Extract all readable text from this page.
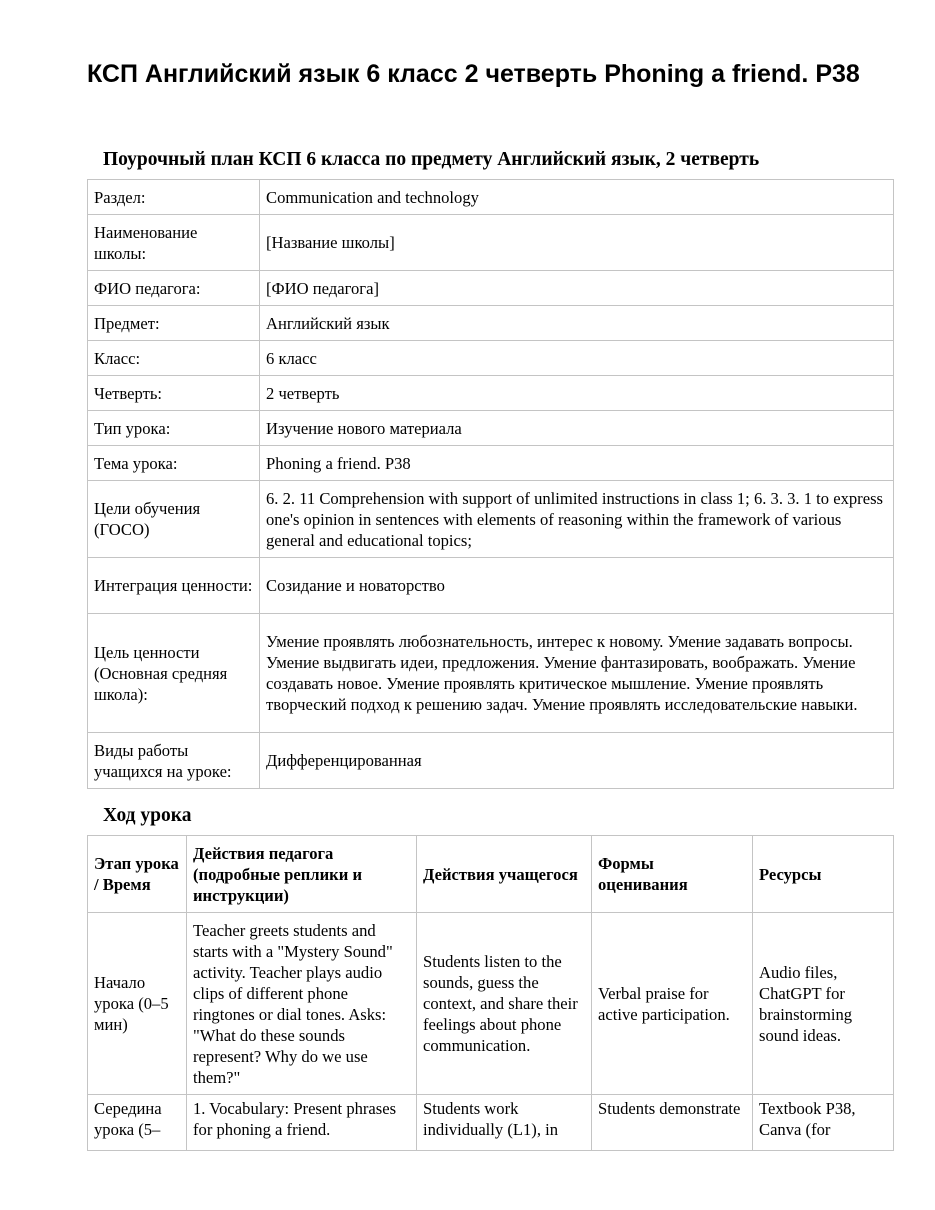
КСП Английский язык 6 класс 2 четверть Phoning a friend. P38
Поурочный план КСП 6 класса по предмету Английский язык, 2 четверть
Раздел:	Communication and technology
Наименование школы:	[Название школы]
ФИО педагога:	[ФИО педагога]
Предмет:	Английский язык
Класс:	6 класс
Четверть:	2 четверть
Тип урока:	Изучение нового материала
Тема урока:	Phoning a friend. P38
Цели обучения (ГОСО)	6. 2. 11 Comprehension with support of unlimited instructions in class 1; 6. 3. 3. 1 to express one's opinion in sentences with elements of reasoning within the framework of various general and educational topics;
Интеграция ценности:	Созидание и новаторство
Цель ценности (Основная средняя школа):	Умение проявлять любознательность, интерес к новому. Умение задавать вопросы. Умение выдвигать идеи, предложения. Умение фантазировать, воображать. Умение создавать новое. Умение проявлять критическое мышление. Умение проявлять творческий подход к решению задач. Умение проявлять исследовательские навыки.
Виды работы учащихся на уроке:	Дифференцированная
Ход урока
Этап урока / Время	Действия педагога (подробные реплики и инструкции)	Действия учащегося	Формы оценивания	Ресурсы
Начало урока (0–5 мин)	Teacher greets students and starts with a "Mystery Sound" activity. Teacher plays audio clips of different phone ringtones or dial tones. Asks: "What do these sounds represent? Why do we use them?"	Students listen to the sounds, guess the context, and share their feelings about phone communication.	Verbal praise for active participation.	Audio files, ChatGPT for brainstorming sound ideas.
Середина урока (5–	1. Vocabulary: Present phrases for phoning a friend.	Students work individually (L1), in	Students demonstrate	Textbook P38, Canva (for
